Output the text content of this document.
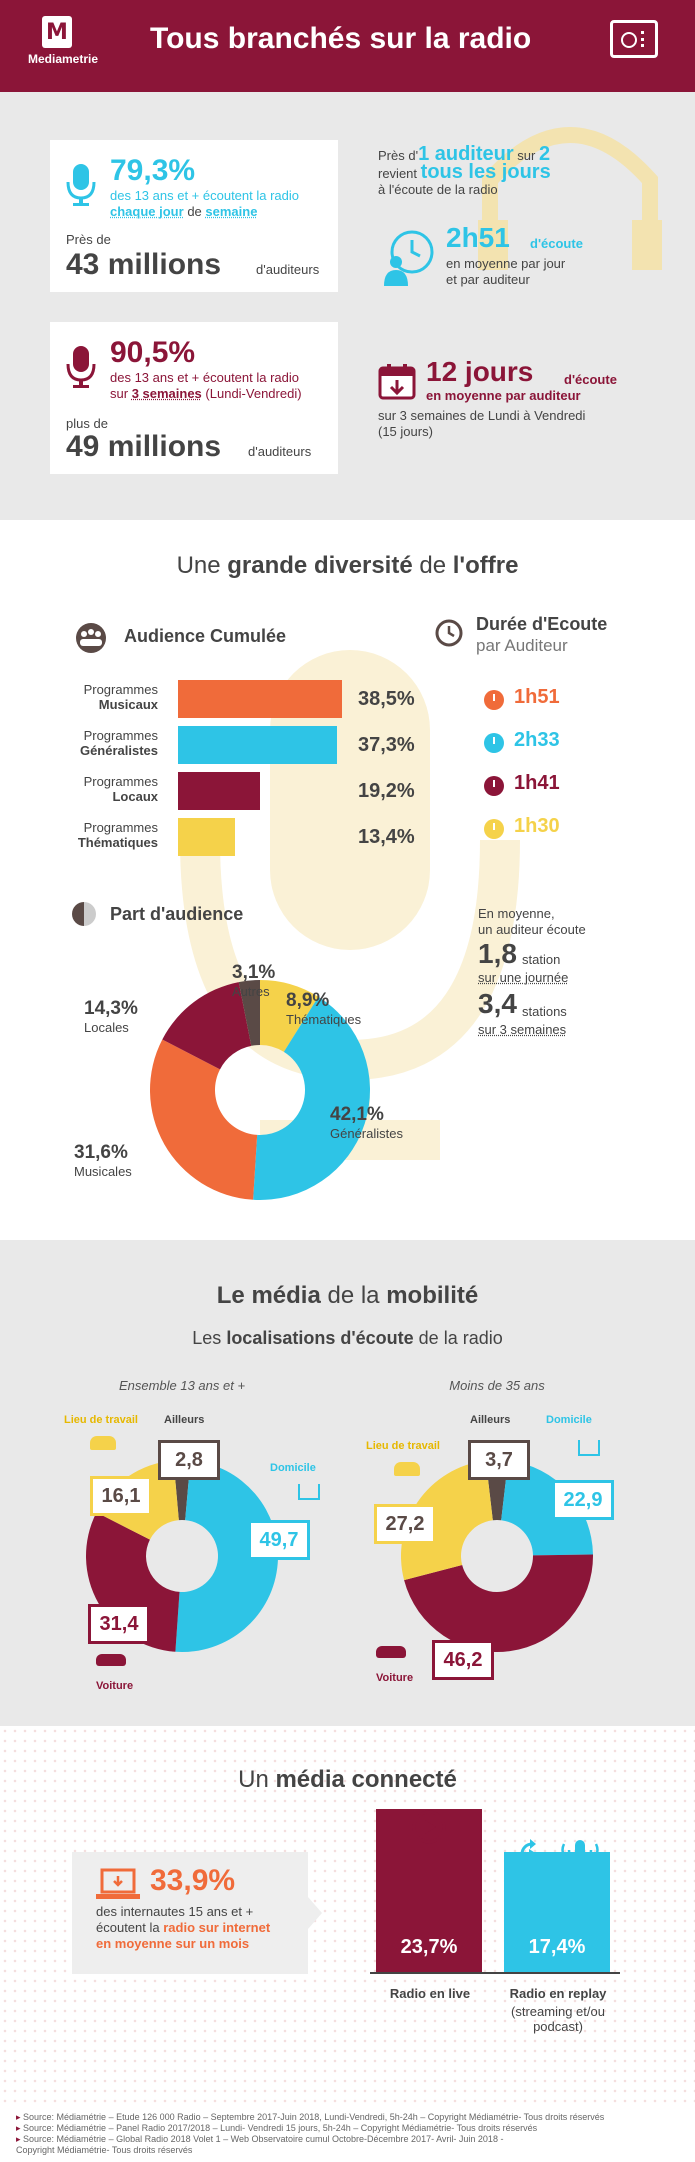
M
Mediametrie
Tous branchés sur la radio
79,3%
des 13 ans et + écoutent la radio
chaque jour de semaine
Près de
43 millions	d'auditeurs
90,5%
des 13 ans et + écoutent la radio
sur 3 semaines (Lundi-Vendredi)
plus de
49 millions d'auditeurs
Près d'1 auditeur sur 2
revient tous les jours
à l'écoute de la radio
2h51 d'écoute
en moyenne par jour
et par auditeur
12 jours d'écoute
en moyenne par auditeur
sur 3 semaines de Lundi à Vendredi
(15 jours)
Une grande diversité de l'offre
Audience Cumulée
Durée d'Ecoute
par Auditeur
Programmes
Musicaux	38,5%
Programmes
Généralistes	37,3%
Programmes
Locaux	19,2%
Programmes
Thématiques	13,4%
1h51
2h33
1h41
1h30
Part d'audience
42,1%
Généralistes
31,6%
Musicales
14,3%
Locales
3,1%
Autres 8,9%
Thématiques
En moyenne,
un auditeur écoute
1,8 station
sur une journée
3,4 stations
sur 3 semaines
Le média de la mobilité
Les localisations d'écoute de la radio
Ensemble 13 ans et +
49,7
31,4
16,1
2,8	Domicile
Voiture
Lieu de travail Ailleurs
Moins de 35 ans
22,9
46,2
27,2
3,7
Domicile
Voiture
Lieu de travail
Ailleurs
Un média connecté
33,9%
des internautes 15 ans et +
écoutent la radio sur internet
en moyenne sur un mois	23,7%
Radio en live
17,4%
Radio en replay
(streaming et/ou podcast)
▸ Source: Médiamétrie – Etude 126 000 Radio – Septembre 2017-Juin 2018, Lundi-Vendredi, 5h-24h – Copyright Médiamétrie- Tous droits réservés
▸ Source: Médiamétrie – Panel Radio 2017/2018 – Lundi- Vendredi 15 jours, 5h-24h – Copyright Médiamétrie- Tous droits réservés
▸ Source: Médiamétrie – Global Radio 2018 Volet 1 – Web Observatoire cumul Octobre-Décembre 2017- Avril- Juin 2018 -
Copyright Médiamétrie- Tous droits réservés
